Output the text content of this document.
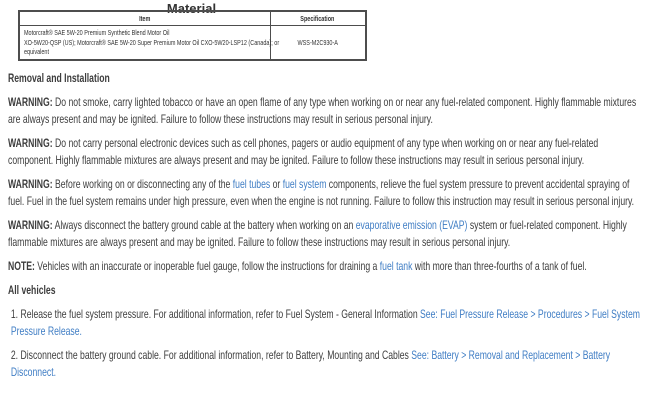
Material
Item	Specification
Motorcraft® SAE 5W-20 Premium Synthetic Blend Motor Oil
XO-5W20-QSP (US); Motorcraft® SAE 5W-20 Super Premium Motor Oil CXO-5W20-LSP12 (Canada); or
equivalent	WSS-M2C930-A
Removal and Installation
WARNING: Do not smoke, carry lighted tobacco or have an open flame of any type when working on or near any fuel-related component. Highly flammable mixtures are always present and may be ignited. Failure to follow these instructions may result in serious personal injury.
WARNING: Do not carry personal electronic devices such as cell phones, pagers or audio equipment of any type when working on or near any fuel-related component. Highly flammable mixtures are always present and may be ignited. Failure to follow these instructions may result in serious personal injury.
WARNING: Before working on or disconnecting any of the fuel tubes or fuel system components, relieve the fuel system pressure to prevent accidental spraying of fuel. Fuel in the fuel system remains under high pressure, even when the engine is not running. Failure to follow this instruction may result in serious personal injury.
WARNING: Always disconnect the battery ground cable at the battery when working on an evaporative emission (EVAP) system or fuel-related component. Highly flammable mixtures are always present and may be ignited. Failure to follow these instructions may result in serious personal injury.
NOTE: Vehicles with an inaccurate or inoperable fuel gauge, follow the instructions for draining a fuel tank with more than three-fourths of a tank of fuel.
All vehicles
1. Release the fuel system pressure. For additional information, refer to Fuel System - General Information See: Fuel Pressure Release > Procedures > Fuel System Pressure Release.
2. Disconnect the battery ground cable. For additional information, refer to Battery, Mounting and Cables See: Battery > Removal and Replacement > Battery Disconnect.
